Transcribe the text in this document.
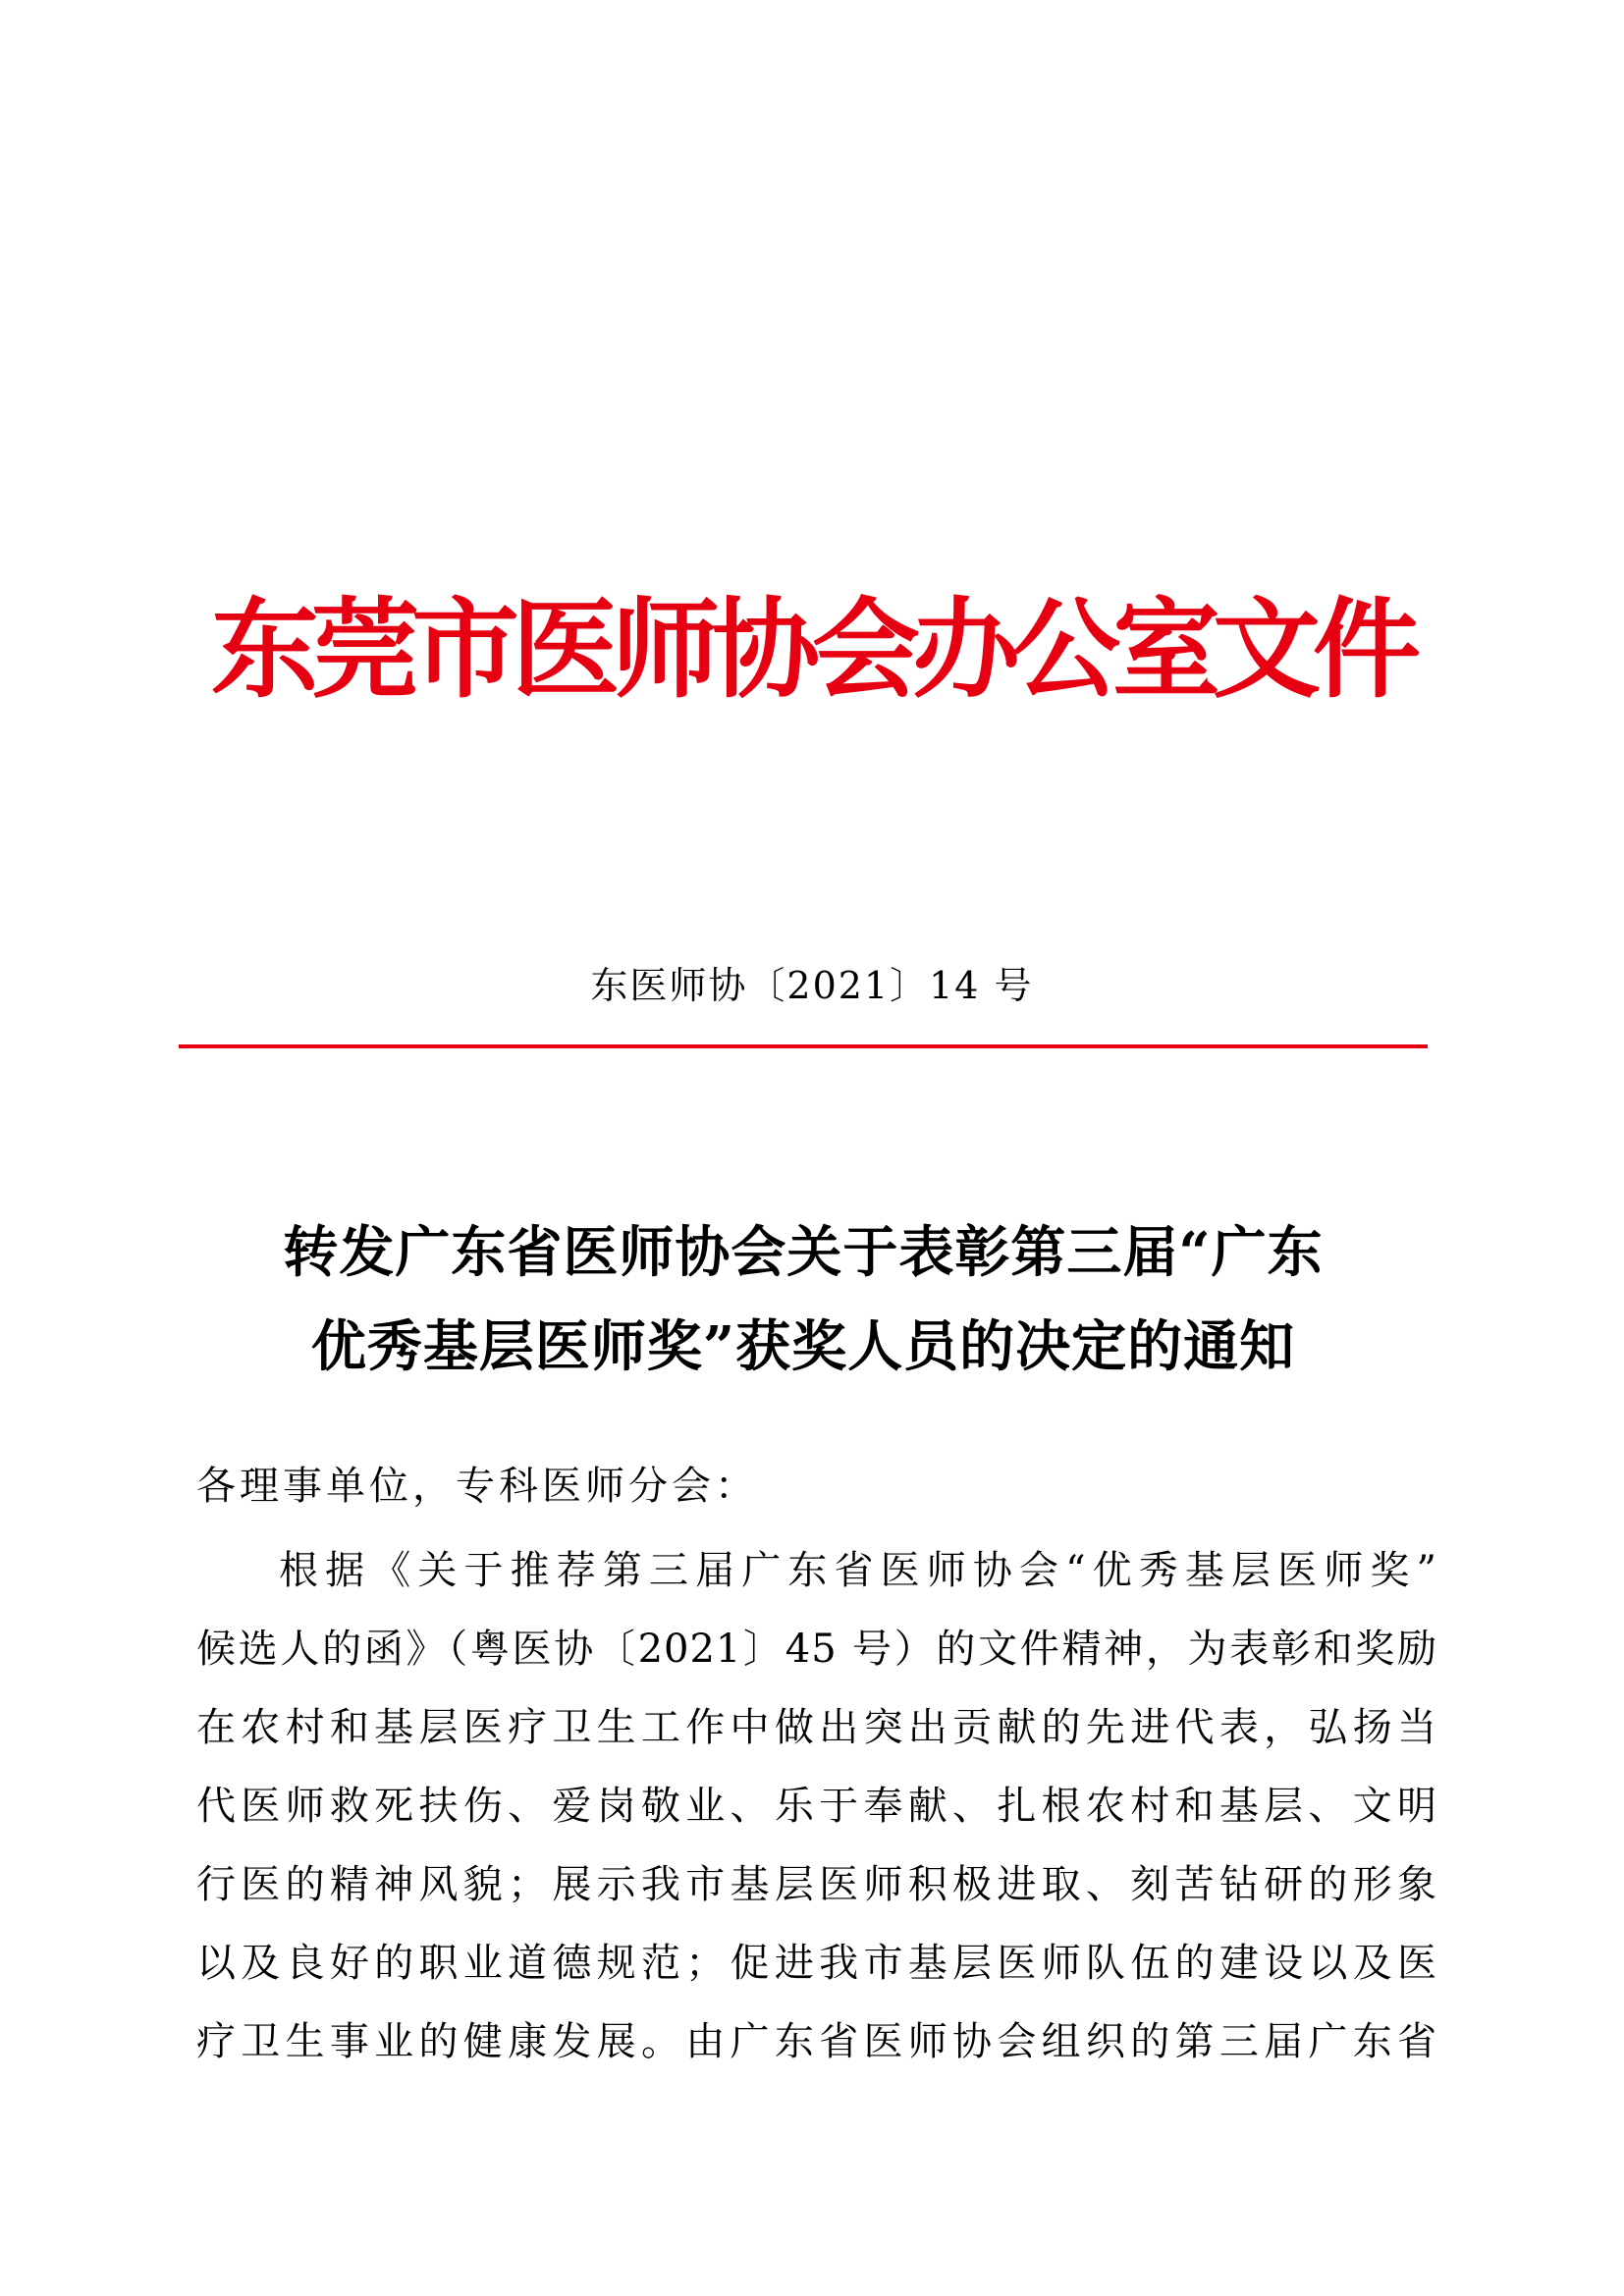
东莞市医师协会办公室文件
东医师协〔2021〕14 号
转发广东省医师协会关于表彰第三届“广东
优秀基层医师奖”获奖人员的决定的通知
各理事单位，专科医师分会：
根据《关于推荐第三届广东省医师协会“优秀基层医师奖”
候选人的函》（粤医协〔2021〕45 号）的文件精神，为表彰和奖励
在农村和基层医疗卫生工作中做出突出贡献的先进代表，弘扬当
代医师救死扶伤、爱岗敬业、乐于奉献、扎根农村和基层、文明
行医的精神风貌；展示我市基层医师积极进取、刻苦钻研的形象
以及良好的职业道德规范；促进我市基层医师队伍的建设以及医
疗卫生事业的健康发展。由广东省医师协会组织的第三届广东省
